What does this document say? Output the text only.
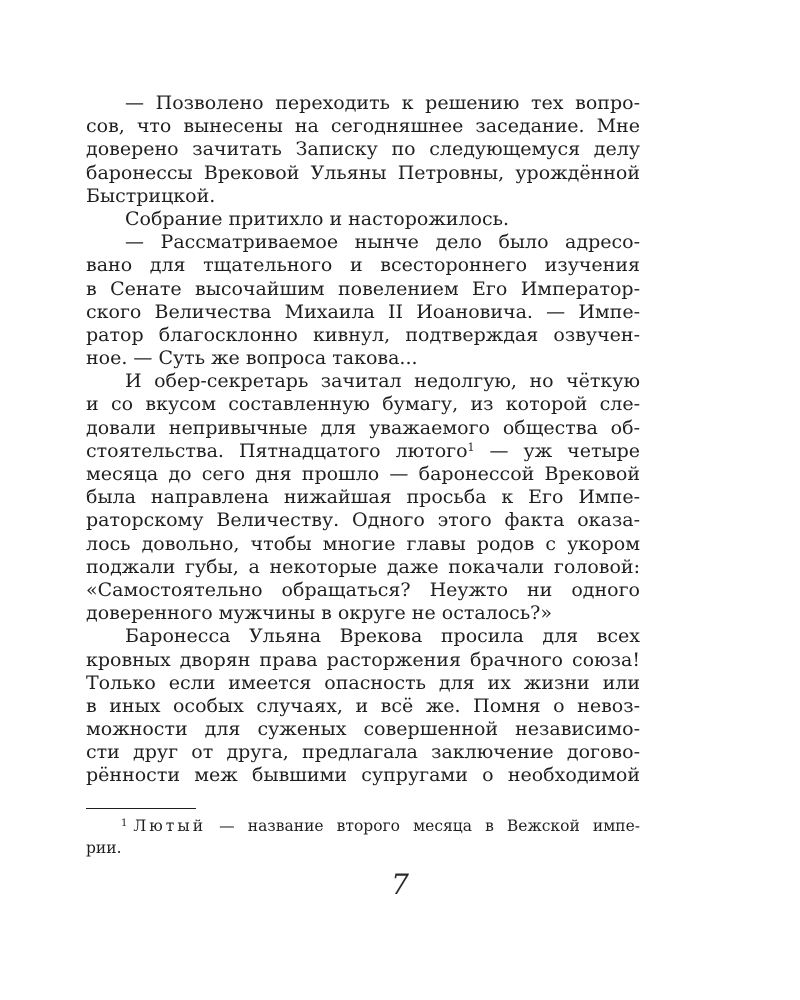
— Позволено переходить к решению тех вопро-
сов, что вынесены на сегодняшнее заседание. Мне
доверено зачитать Записку по следующемуся делу
баронессы Врековой Ульяны Петровны, урождённой
Быстрицкой.
Собрание притихло и насторожилось.
— Рассматриваемое нынче дело было адресо-
вано для тщательного и всестороннего изучения
в Сенате высочайшим повелением Его Император-
ского Величества Михаила II Иоановича. — Импе-
ратор благосклонно кивнул, подтверждая озвучен-
ное. — Суть же вопроса такова...
И обер-секретарь зачитал недолгую, но чёткую
и со вкусом составленную бумагу, из которой сле-
довали непривычные для уважаемого общества об-
стоятельства. Пятнадцатого лютого$^1$ — уж четыре
месяца до сего дня прошло — баронессой Врековой
была направлена нижайшая просьба к Его Импе-
раторскому Величеству. Одного этого факта оказа-
лось довольно, чтобы многие главы родов с укором
поджали губы, а некоторые даже покачали головой:
«Самостоятельно обращаться? Неужто ни одного
доверенного мужчины в округе не осталось?»
Баронесса Ульяна Врекова просила для всех
кровных дворян права расторжения брачного союза!
Только если имеется опасность для их жизни или
в иных особых случаях, и всё же. Помня о невоз-
можности для суженых совершенной независимо-
сти друг от друга, предлагала заключение догово-
рённости меж бывшими супругами о необходимой
$^1$ Лютый — название второго месяца в Вежской импе-
рии.
7
